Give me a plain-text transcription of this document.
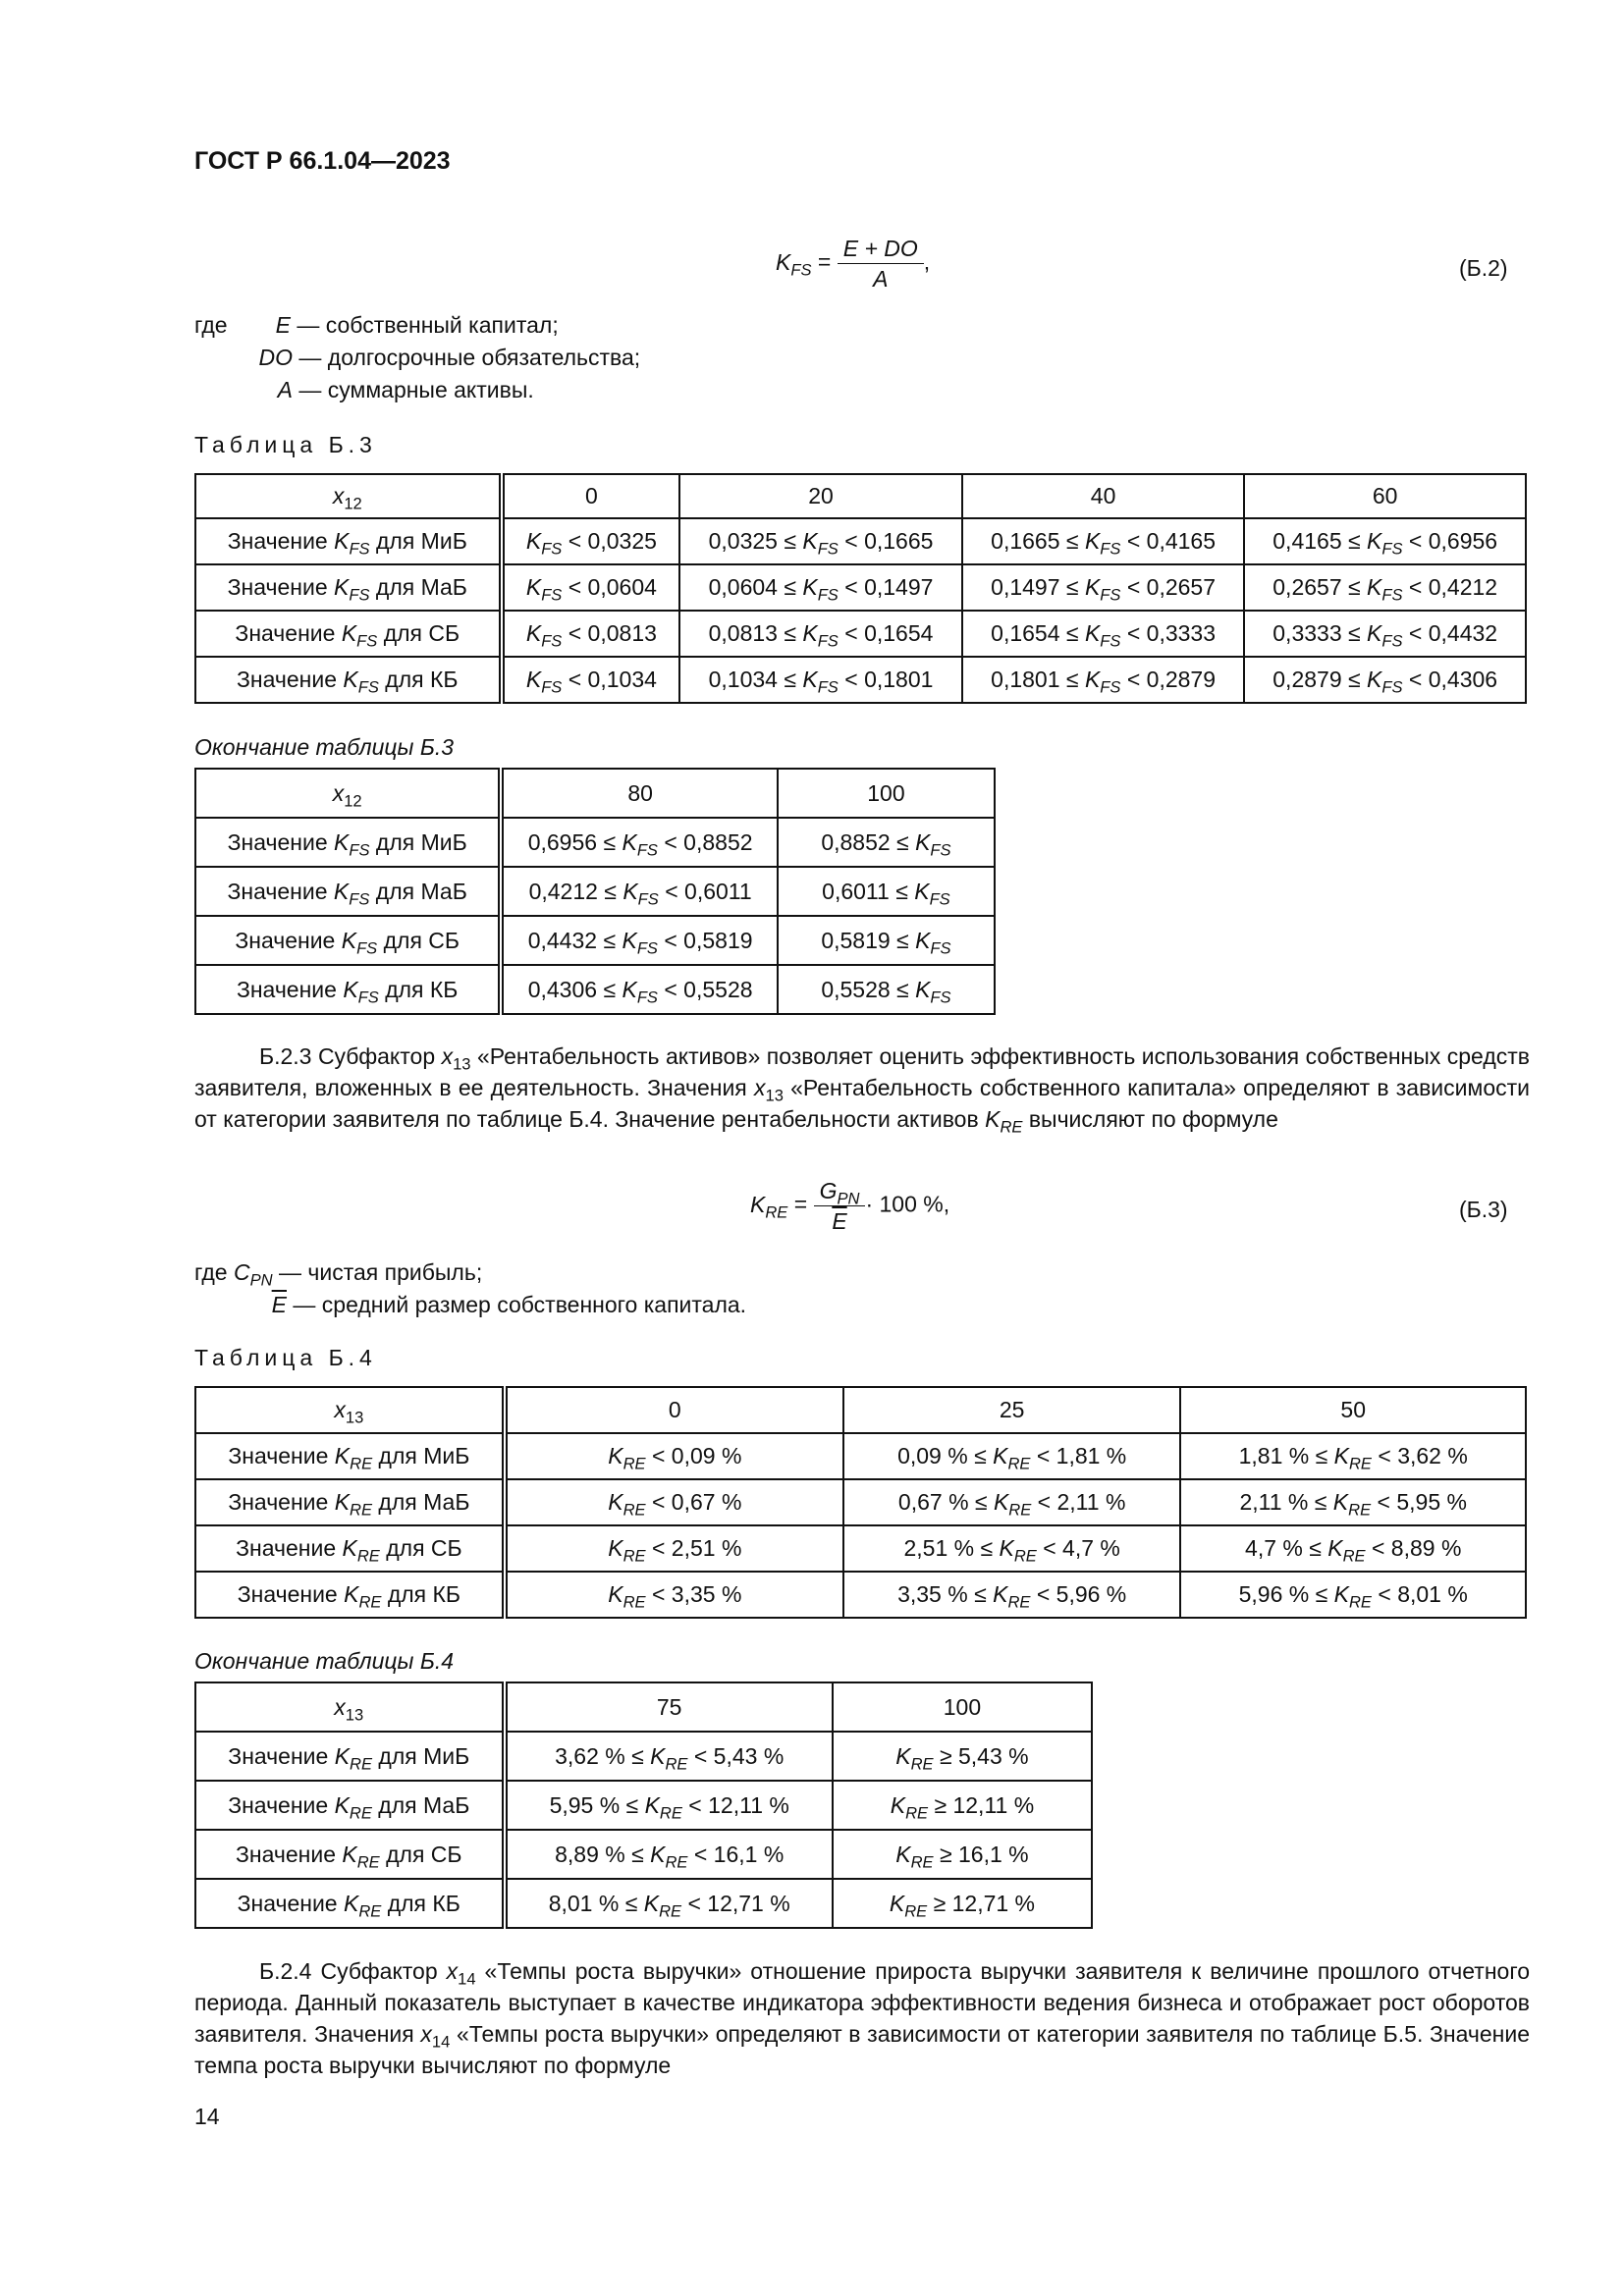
ГОСТ Р 66.1.04—2023
$K_{FS} = \frac{E + DO}{A}$ ,	(Б.2)
где E — собственный капитал;
DO — долгосрочные обязательства;
A — суммарные активы.
Таблица Б.3
$x_{12}$	0	20	40	60
Значение $K_{FS}$ для МиБ	$K_{FS} < 0,0325$	$0,0325 \le K_{FS} < 0,1665$	$0,1665 \le K_{FS} < 0,4165$	$0,4165 \le K_{FS} < 0,6956$
Значение $K_{FS}$ для МаБ	$K_{FS} < 0,0604$	$0,0604 \le K_{FS} < 0,1497$	$0,1497 \le K_{FS} < 0,2657$	$0,2657 \le K_{FS} < 0,4212$
Значение $K_{FS}$ для СБ	$K_{FS} < 0,0813$	$0,0813 \le K_{FS} < 0,1654$	$0,1654 \le K_{FS} < 0,3333$	$0,3333 \le K_{FS} < 0,4432$
Значение $K_{FS}$ для КБ	$K_{FS} < 0,1034$	$0,1034 \le K_{FS} < 0,1801$	$0,1801 \le K_{FS} < 0,2879$	$0,2879 \le K_{FS} < 0,4306$
Окончание таблицы Б.3
$x_{12}$	80	100
Значение $K_{FS}$ для МиБ	$0,6956 \le K_{FS} < 0,8852$	$0,8852 \le K_{FS}$
Значение $K_{FS}$ для МаБ	$0,4212 \le K_{FS} < 0,6011$	$0,6011 \le K_{FS}$
Значение $K_{FS}$ для СБ	$0,4432 \le K_{FS} < 0,5819$	$0,5819 \le K_{FS}$
Значение $K_{FS}$ для КБ	$0,4306 \le K_{FS} < 0,5528$	$0,5528 \le K_{FS}$
Б.2.3 Субфактор $x_{13}$ «Рентабельность активов» позволяет оценить эффективность использования собственных средств заявителя, вложенных в ее деятельность. Значения $x_{13}$ «Рентабельность собственного капитала» определяют в зависимости от категории заявителя по таблице Б.4. Значение рентабельности активов $K_{RE}$ вычисляют по формуле
$K_{RE} = \frac{G_{PN}}{E} \cdot 100$ %,	(Б.3)
где $C_{PN}$ — чистая прибыль;
$\overline{E}$ — средний размер собственного капитала.
Таблица Б.4
$x_{13}$	0	25	50
Значение $K_{RE}$ для МиБ	$K_{RE} < 0,09$ %	0,09 % ≤ $K_{RE} < 1,81$ %	1,81 % ≤ $K_{RE} < 3,62$ %
Значение $K_{RE}$ для МаБ	$K_{RE} < 0,67$ %	0,67 % ≤ $K_{RE} < 2,11$ %	2,11 % ≤ $K_{RE} < 5,95$ %
Значение $K_{RE}$ для СБ	$K_{RE} < 2,51$ %	2,51 % ≤ $K_{RE} < 4,7$ %	4,7 % ≤ $K_{RE} < 8,89$ %
Значение $K_{RE}$ для КБ	$K_{RE} < 3,35$ %	3,35 % ≤ $K_{RE} < 5,96$ %	5,96 % ≤ $K_{RE} < 8,01$ %
Окончание таблицы Б.4
$x_{13}$	75	100
Значение $K_{RE}$ для МиБ	3,62 % ≤ $K_{RE} < 5,43$ %	$K_{RE} \ge 5,43$ %
Значение $K_{RE}$ для МаБ	5,95 % ≤ $K_{RE} < 12,11$ %	$K_{RE} \ge 12,11$ %
Значение $K_{RE}$ для СБ	8,89 % ≤ $K_{RE} < 16,1$ %	$K_{RE} \ge 16,1$ %
Значение $K_{RE}$ для КБ	8,01 % ≤ $K_{RE} < 12,71$ %	$K_{RE} \ge 12,71$ %
Б.2.4 Субфактор $x_{14}$ «Темпы роста выручки» отношение прироста выручки заявителя к величине прошлого отчетного периода. Данный показатель выступает в качестве индикатора эффективности ведения бизнеса и отображает рост оборотов заявителя. Значения $x_{14}$ «Темпы роста выручки» определяют в зависимости от категории заявителя по таблице Б.5. Значение темпа роста выручки вычисляют по формуле
14
